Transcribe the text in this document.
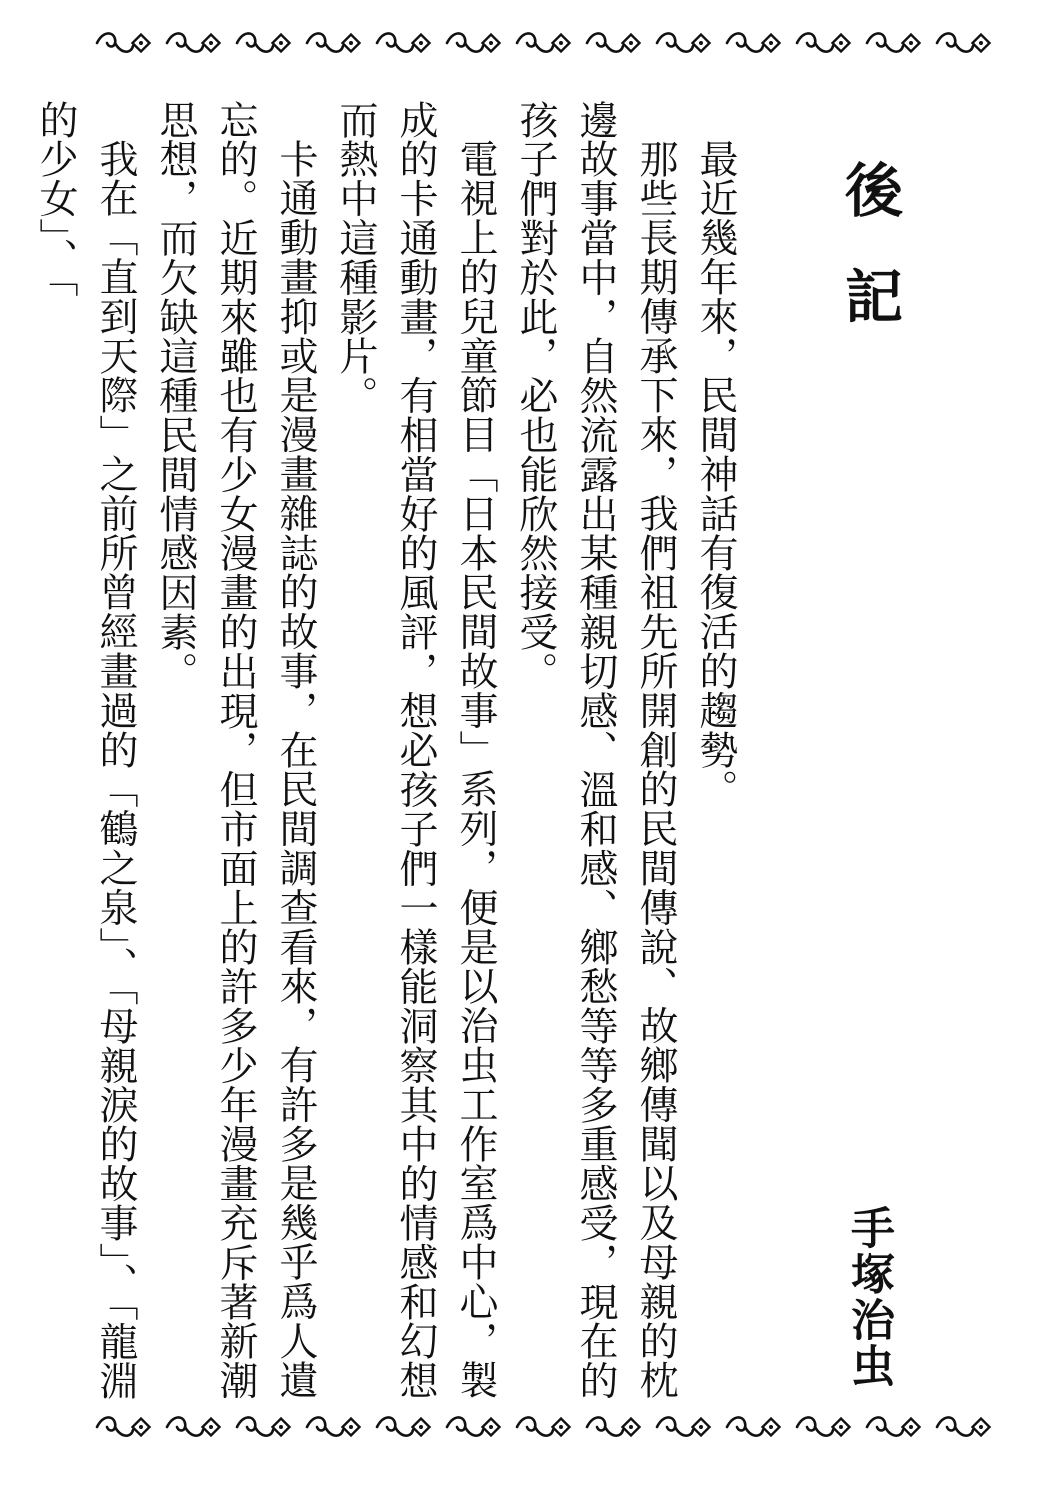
後記

最近幾年來，民間神話有復活的趨勢。

那些長期傳承下來，我們祖先所開創的民間傳說、故鄉傳聞以及母親的枕邊故事當中，自然流露出某種親切感、溫和感、鄉愁等等多重感受，現在的孩子們對於此，必也能欣然接受。

電視上的兒童節目「日本民間故事」系列，便是以治虫工作室爲中心，製成的卡通動畫，有相當好的風評，想必孩子們一樣能洞察其中的情感和幻想而熱中這種影片。

卡通動畫抑或是漫畫雜誌的故事，在民間調查看來，有許多是幾乎爲人遺忘的。近期來雖也有少女漫畫的出現，但市面上的許多少年漫畫充斥著新潮思想，而欠缺這種民間情感因素。

我在「直到天際」之前所曾經畫過的「鶴之泉」、「母親淚的故事」、「龍淵的少女」、「

手塚治虫
